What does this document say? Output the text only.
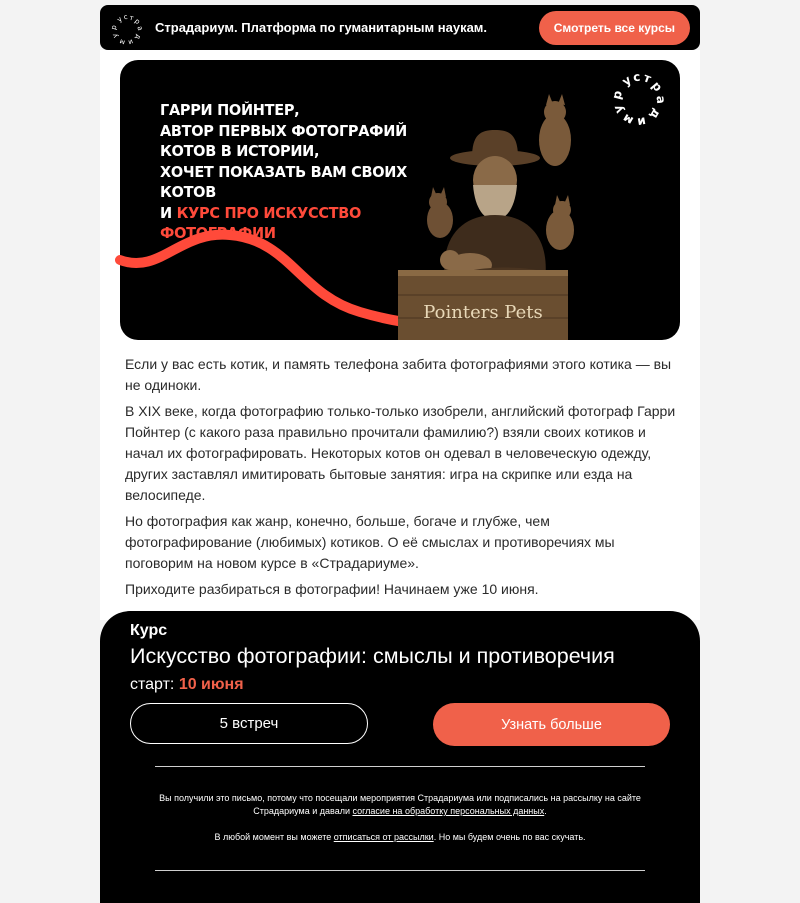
у с т
р
а
д
и
м
у
р	Страдариум. Платформа по гуманитарным наукам.	Смотреть все курсы
ГАРРИ ПОЙНТЕР,
АВТОР ПЕРВЫХ ФОТОГРАФИЙ
КОТОВ В ИСТОРИИ,
ХОЧЕТ ПОКАЗАТЬ ВАМ СВОИХ КОТОВ
И КУРС ПРО ИСКУССТВО ФОТОГРАФИИ
Pointers Pets
у
с т
р
а
д
и
м
у
р

Если у вас есть котик, и память телефона забита фотографиями этого котика — вы не одиноки.

В XIX веке, когда фотографию только-только изобрели, английский фотограф Гарри Пойнтер (с какого раза правильно прочитали фамилию?) взяли своих котиков и начал их фотографировать. Некоторых котов он одевал в человеческую одежду, других заставлял имитировать бытовые занятия: игра на скрипке или езда на велосипеде.

Но фотография как жанр, конечно, больше, богаче и глубже, чем фотографирование (любимых) котиков. О её смыслах и противоречиях мы поговорим на новом курсе в «Страдариуме».

Приходите разбираться в фотографии! Начинаем уже 10 июня.

Курс
Искусство фотографии: смыслы и противоречия
старт: 10 июня
5 встреч	Узнать больше
Вы получили это письмо, потому что посещали мероприятия Страдариума или подписались на рассылку на сайте Страдариума и давали согласие на обработку персональных данных.
В любой момент вы можете отписаться от рассылки. Но мы будем очень по вас скучать.
